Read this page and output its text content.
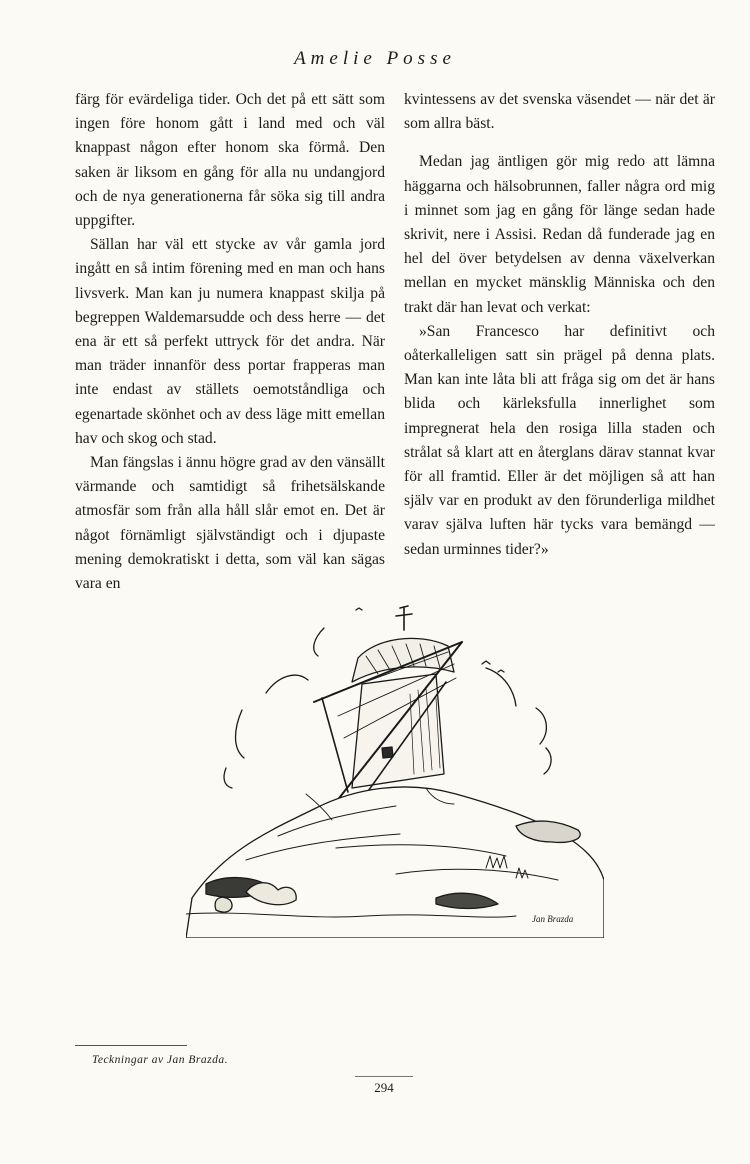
Amelie Posse

färg för evärdeliga tider. Och det på ett sätt som ingen före honom gått i land med och väl knappast någon efter honom ska förmå. Den saken är liksom en gång för alla nu undangjord och de nya generationerna får söka sig till andra uppgifter.

Sällan har väl ett stycke av vår gamla jord ingått en så intim förening med en man och hans livsverk. Man kan ju numera knappast skilja på begreppen Waldemarsudde och dess herre — det ena är ett så perfekt uttryck för det andra. När man träder innanför dess portar frapperas man inte endast av ställets oemotståndliga och egenartade skönhet och av dess läge mitt emellan hav och skog och stad.

Man fängslas i ännu högre grad av den vänsällt värmande och samtidigt så frihetsälskande atmosfär som från alla håll slår emot en. Det är något förnämligt självständigt och i djupaste mening demokratiskt i detta, som väl kan sägas vara en

kvintessens av det svenska väsendet — när det är som allra bäst.

Medan jag äntligen gör mig redo att lämna häggarna och hälsobrunnen, faller några ord mig i minnet som jag en gång för länge sedan hade skrivit, nere i Assisi. Redan då funderade jag en hel del över betydelsen av denna växelverkan mellan en mycket mänsklig Människa och den trakt där han levat och verkat:

»San Francesco har definitivt och oåterkalleligen satt sin prägel på denna plats. Man kan inte låta bli att fråga sig om det är hans blida och kärleksfulla innerlighet som impregnerat hela den rosiga lilla staden och strålat så klart att en återglans därav stannat kvar för all framtid. Eller är det möjligen så att han själv var en produkt av den förunderliga mildhet varav själva luften här tycks vara bemängd — sedan urminnes tider?»

Jan Brazda
Teckningar av Jan Brazda.
294
